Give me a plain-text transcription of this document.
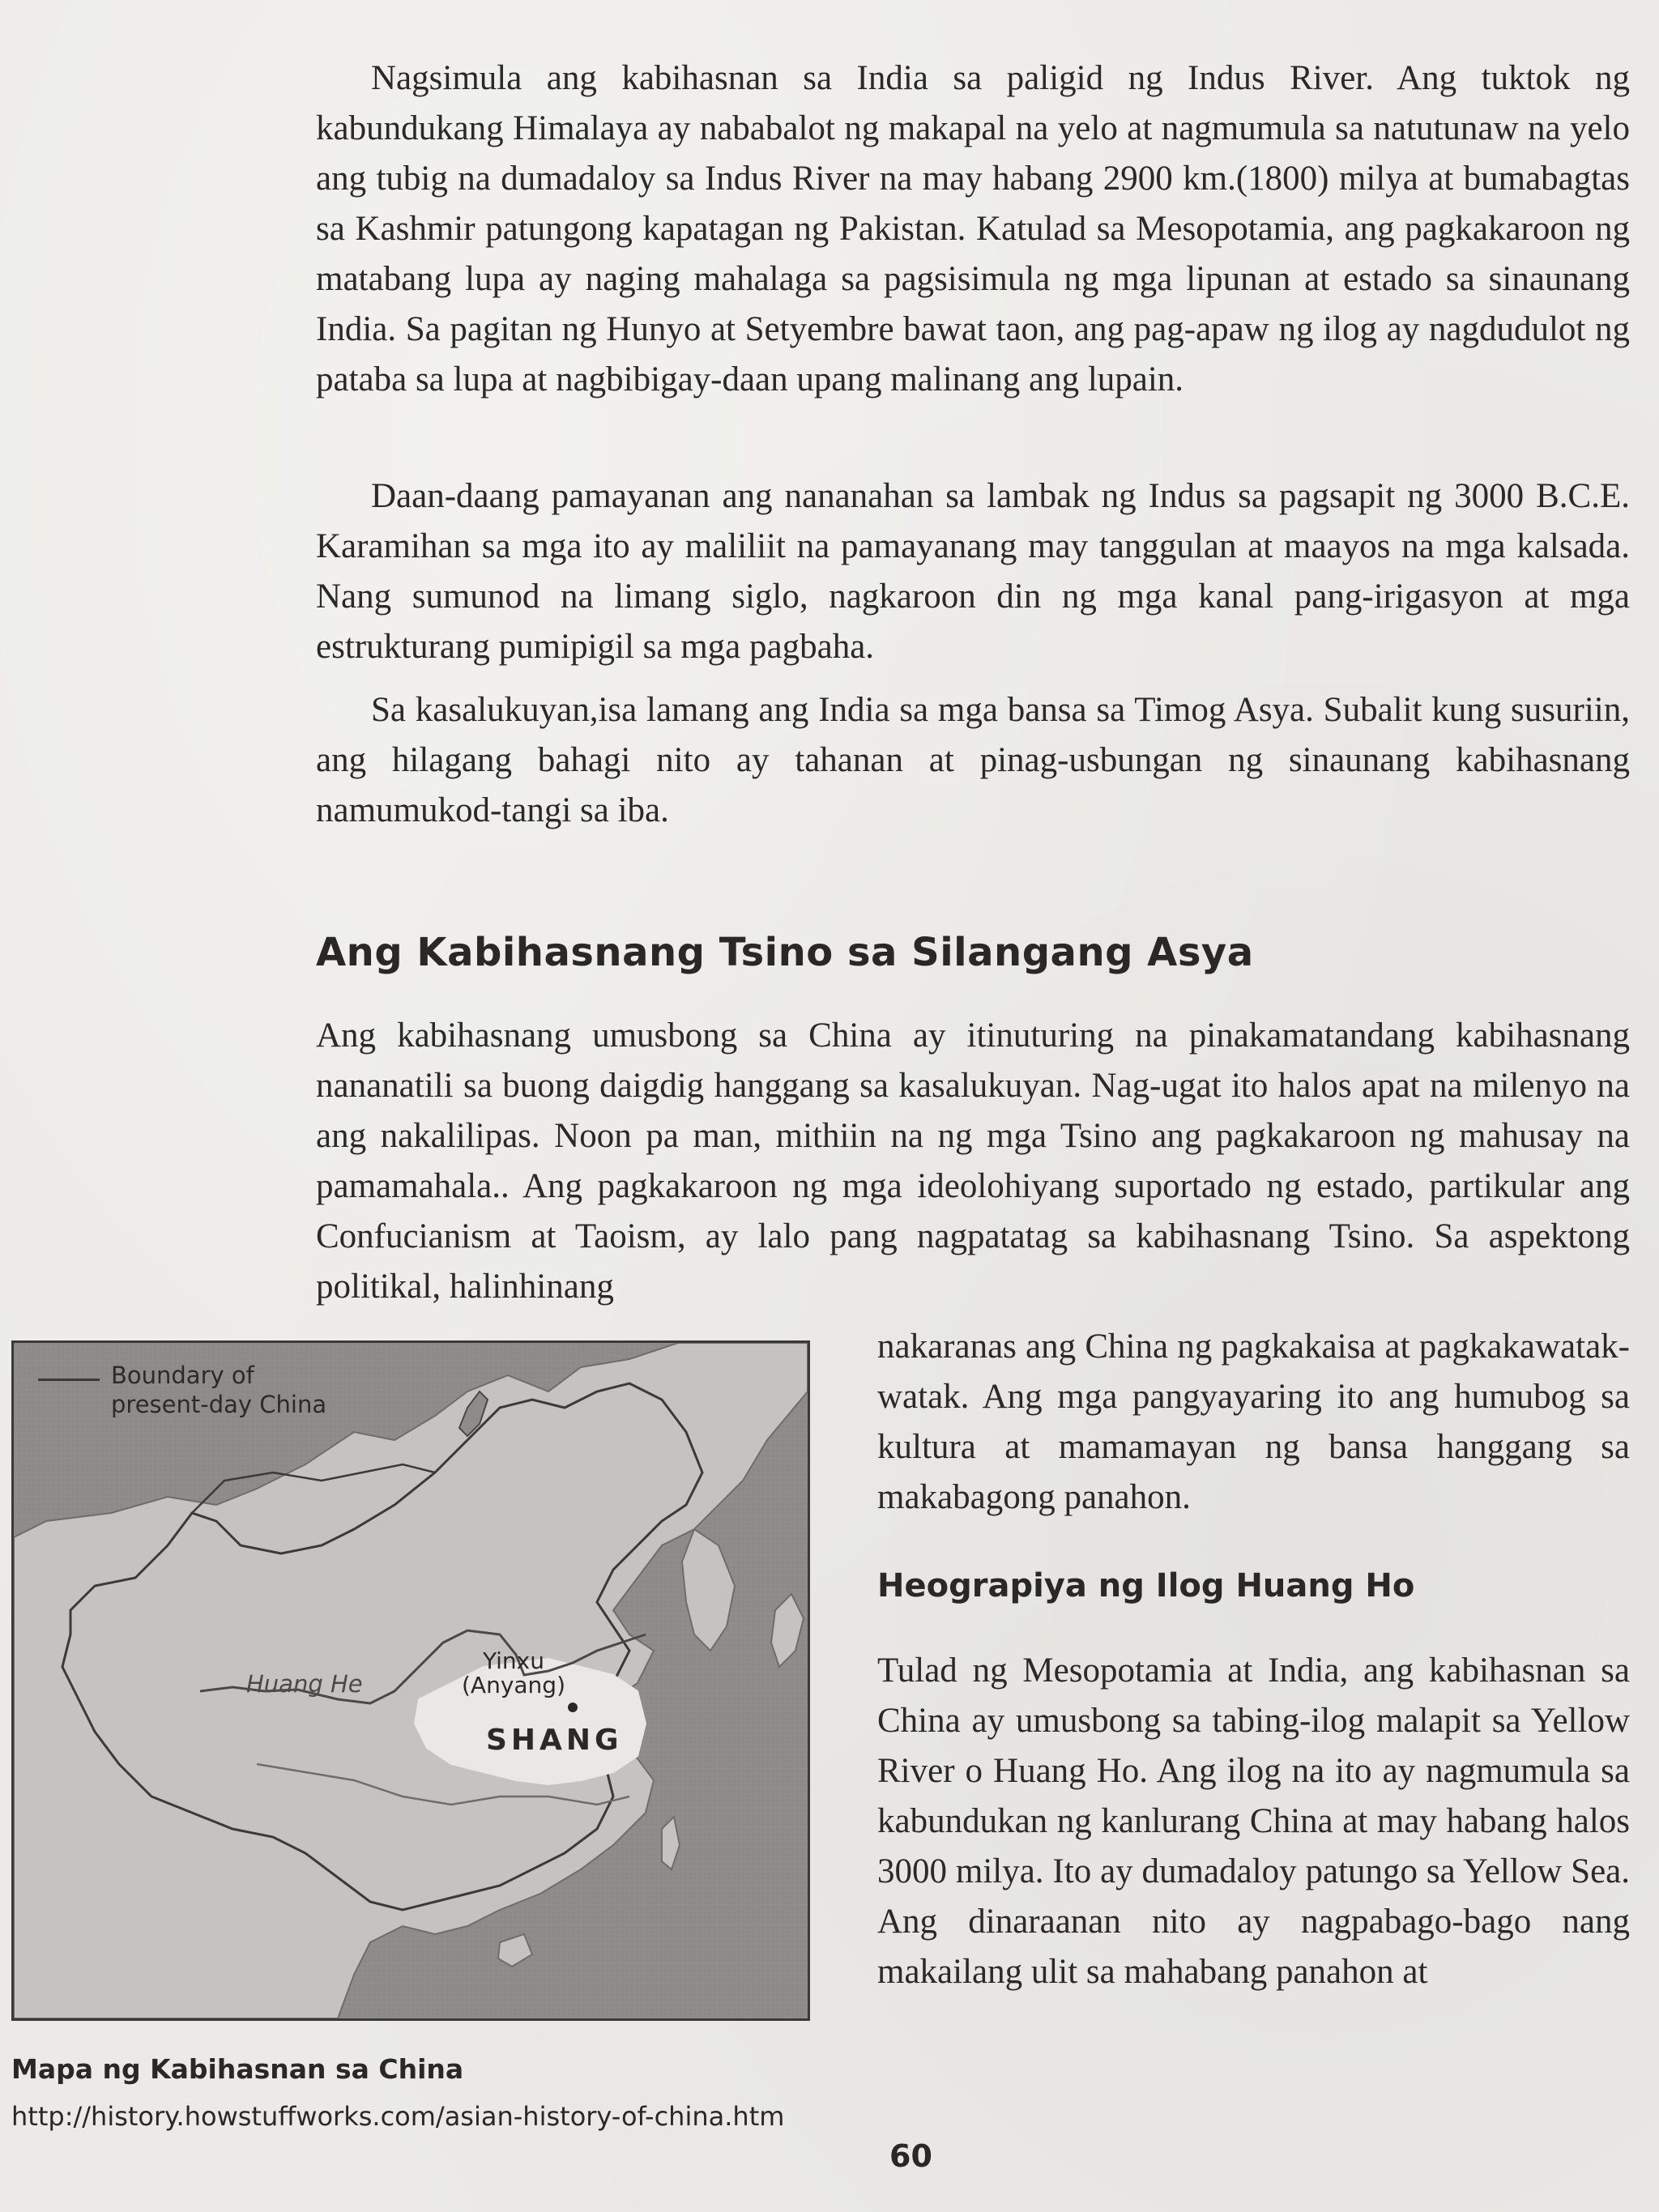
Nagsimula ang kabihasnan sa India sa paligid ng Indus River. Ang tuktok ng kabundukang Himalaya ay nababalot ng makapal na yelo at nagmumula sa natutunaw na yelo ang tubig na dumadaloy sa Indus River na may habang 2900 km.(1800) milya at bumabagtas sa Kashmir patungong kapatagan ng Pakistan. Katulad sa Mesopotamia, ang pagkakaroon ng matabang lupa ay naging mahalaga sa pagsisimula ng mga lipunan at estado sa sinaunang India. Sa pagitan ng Hunyo at Setyembre bawat taon, ang pag-apaw ng ilog ay nagdudulot ng pataba sa lupa at nagbibigay-daan upang malinang ang lupain.

Daan-daang pamayanan ang nananahan sa lambak ng Indus sa pagsapit ng 3000 B.C.E. Karamihan sa mga ito ay maliliit na pamayanang may tanggulan at maayos na mga kalsada. Nang sumunod na limang siglo, nagkaroon din ng mga kanal pang-irigasyon at mga estrukturang pumipigil sa mga pagbaha.

Sa kasalukuyan,isa lamang ang India sa mga bansa sa Timog Asya. Subalit kung susuriin, ang hilagang bahagi nito ay tahanan at pinag-usbungan ng sinaunang kabihasnang namumukod-tangi sa iba.

Ang Kabihasnang Tsino sa Silangang Asya

Ang kabihasnang umusbong sa China ay itinuturing na pinakamatandang kabihasnang nananatili sa buong daigdig hanggang sa kasalukuyan. Nag-ugat ito halos apat na milenyo na ang nakalilipas. Noon pa man, mithiin na ng mga Tsino ang pagkakaroon ng mahusay na pamamahala.. Ang pagkakaroon ng mga ideolohiyang suportado ng estado, partikular ang Confucianism at Taoism, ay lalo pang nagpatatag sa kabihasnang Tsino. Sa aspektong politikal, halinhinang

Boundary of
present-day China
Huang He
Yinxu
(Anyang)
SHANG

nakaranas ang China ng pagkakaisa at pagkakawatak-watak. Ang mga pangyayaring ito ang humubog sa kultura at mamamayan ng bansa hanggang sa makabagong panahon.

Heograpiya ng Ilog Huang Ho

Tulad ng Mesopotamia at India, ang kabihasnan sa China ay umusbong sa tabing-ilog malapit sa Yellow River o Huang Ho. Ang ilog na ito ay nagmumula sa kabundukan ng kanlurang China at may habang halos 3000 milya. Ito ay dumadaloy patungo sa Yellow Sea. Ang dinaraanan nito ay nagpabago-bago nang makailang ulit sa mahabang panahon at

Mapa ng Kabihasnan sa China

http://history.howstuffworks.com/asian-history-of-china.htm

60
